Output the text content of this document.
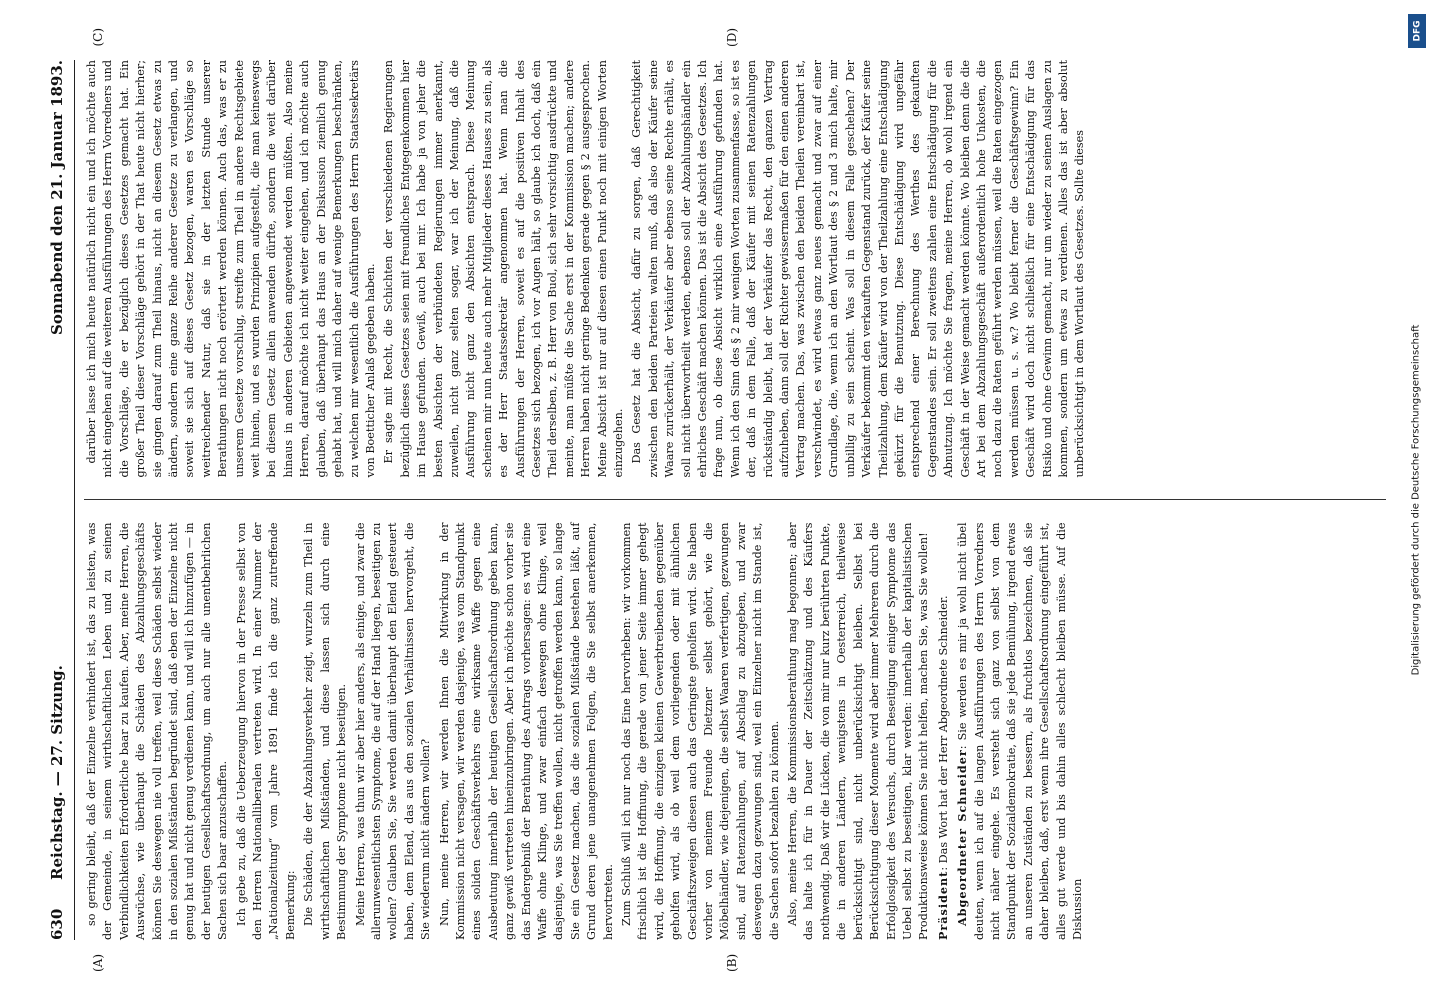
630
Reichstag. — 27. Sitzung.
Sonnabend den 21. Januar 1893.
(A)	(B)

so gering bleibt, daß der Einzelne verhindert ist, das zu leisten, was der Gemeinde, in seinem wirthschaftlichen Leben und zu seinen Verbindlichkeiten Erforderliche baar zu kaufen. Aber, meine Herren, die Auswüchse, wie überhaupt die Schäden des Abzahlungsgeschäfts können Sie deswegen nie voll treffen, weil diese Schäden selbst wieder in den sozialen Mißständen begründet sind, daß eben der Einzelne nicht genug hat und nicht genug verdienen kann, und will ich hinzufügen — in der heutigen Gesellschaftsordnung, um auch nur alle unentbehrlichen Sachen sich baar anzuschaffen. Ich gebe zu, daß die Ueberzeugung hiervon in der Presse selbst von den Herren Nationalliberalen vertreten wird. In einer Nummer der „Nationalzeitung“ vom Jahre 1891 finde ich die ganz zutreffende Bemerkung: Die Schäden, die der Abzahlungsverkehr zeigt, wurzeln zum Theil in wirthschaftlichen Mißständen, und diese lassen sich durch eine Bestimmung der Symptome nicht beseitigen. Meine Herren, was thun wir aber hier anders, als einige, und zwar die allerunwesentlichsten Symptome, die auf der Hand liegen, beseitigen zu wollen? Glauben Sie, Sie werden damit überhaupt den Elend gesteuert haben, dem Elend, das aus den sozialen Verhältnissen hervorgeht, die Sie wiederum nicht ändern wollen? Nun, meine Herren, wir werden Ihnen die Mitwirkung in der Kommission nicht versagen, wir werden dasjenige, was vom Standpunkt eines soliden Geschäftsverkehrs eine wirksame Waffe gegen eine Ausbeutung innerhalb der heutigen Gesellschaftsordnung geben kann, ganz gewiß vertreten hineinzubringen. Aber ich möchte schon vorher sie das Endergebniß der Berathung des Antrags vorhersagen: es wird eine Waffe ohne Klinge, und zwar einfach deswegen ohne Klinge, weil dasjenige, was Sie treffen wollen, nicht getroffen werden kann, so lange Sie ein Gesetz machen, das die sozialen Mißstände bestehen läßt, auf Grund deren jene unangenehmen Folgen, die Sie selbst anerkennen, hervortreten. Zum Schluß will ich nur noch das Eine hervorheben: wir vorkommen frischlich ist die Hoffnung, die gerade von jener Seite immer gehegt wird, die Hoffnung, die einzigen kleinen Gewerbtreibenden gegenüber geholfen wird, als ob weil dem vorliegenden oder mit ähnlichen Geschäftszweigen diesen auch das Geringste geholfen wird. Sie haben vorher von meinem Freunde Dietzner selbst gehört, wie die Möbelhändler, wie diejenigen, die selbst Waaren verfertigen, gezwungen sind, auf Ratenzahlungen, auf Abschlag zu abzugeben, und zwar deswegen dazu gezwungen sind, weil ein Einzelner nicht im Stande ist, die Sachen sofort bezahlen zu können. Also, meine Herren, die Kommissionsberathung mag begonnen; aber das halte ich für in Dauer der Zeitschätzung und des Käufers nothwendig. Daß wir die Lücken, die von mir nur kurz berührten Punkte, die in anderen Ländern, wenigstens in Oesterreich, theilweise berücksichtigt sind, nicht unberücksichtigt bleiben. Selbst bei Berücksichtigung dieser Momente wird aber immer Mehreren durch die Erfolglosigkeit des Versuchs, durch Beseitigung einiger Symptome das Uebel selbst zu beseitigen, klar werden: innerhalb der kapitalistischen Produktionsweise können Sie nicht helfen, machen Sie, was Sie wollen! Präsident: Das Wort hat der Herr Abgeordnete Schneider. Abgeordneter Schneider: Sie werden es mir ja wohl nicht übel deuten, wenn ich auf die langen Ausführungen des Herrn Vorredners nicht näher eingehe. Es versteht sich ganz von selbst von dem Standpunkt der Sozialdemokratie, daß sie jede Bemühung, irgend etwas an unseren Zuständen zu bessern, als fruchtlos bezeichnen, daß sie daher bleiben, daß, erst wenn ihre Gesellschaftsordnung eingeführt ist, alles gut werde und bis dahin alles schlecht bleiben müsse. Auf die Diskussion

(C)	(D)

darüber lasse ich mich heute natürlich nicht ein und ich möchte auch nicht eingehen auf die weiteren Ausführungen des Herrn Vorredners und die Vorschläge, die er bezüglich dieses Gesetzes gemacht hat. Ein großer Theil dieser Vorschläge gehört in der That heute nicht hierher; sie gingen darauf zum Theil hinaus, nicht an diesem Gesetz etwas zu ändern, sondern eine ganze Reihe anderer Gesetze zu verlangen, und soweit sie sich auf dieses Gesetz bezogen, waren es Vorschläge so weitreichender Natur, daß sie in der letzten Stunde unserer Berathungen nicht noch erörtert werden können. Auch das, was er zu unserem Gesetze vorschlug, streifte zum Theil in andere Rechtsgebiete weit hinein, und es wurden Prinzipien aufgestellt, die man keineswegs bei diesem Gesetz allein anwenden dürfte, sondern die weit darüber hinaus in anderen Gebieten angewendet werden müßten. Also meine Herren, darauf möchte ich nicht weiter eingehen, und ich möchte auch glauben, daß überhaupt das Haus an der Diskussion ziemlich genug gehabt hat, und will mich daher auf wenige Bemerkungen beschränken, zu welchen mir wesentlich die Ausführungen des Herrn Staatssekretärs von Boetticher Anlaß gegeben haben. Er sagte mit Recht, die Schichten der verschiedenen Regierungen bezüglich dieses Gesetzes seien mit freundliches Entgegenkommen hier im Hause gefunden. Gewiß, auch bei mir. Ich habe ja von jeher die besten Absichten der verbündeten Regierungen immer anerkannt, zuweilen, nicht ganz selten sogar, war ich der Meinung, daß die Ausführung nicht ganz den Absichten entsprach. Diese Meinung scheinen mir nun heute auch mehr Mitglieder dieses Hauses zu sein, als es der Herr Staatssekretär angenommen hat. Wenn man die Ausführungen der Herren, soweit es auf die positiven Inhalt des Gesetzes sich bezogen, ich vor Augen hält, so glaube ich doch, daß ein Theil derselben, z. B. Herr von Buol, sich sehr vorsichtig ausdrückte und meinte, man müßte die Sache erst in der Kommission machen; andere Herren haben nicht geringe Bedenken gerade gegen § 2 ausgesprochen. Meine Absicht ist nur auf diesen einen Punkt noch mit einigen Worten einzugehen. Das Gesetz hat die Absicht, dafür zu sorgen, daß Gerechtigkeit zwischen den beiden Parteien walten muß, daß also der Käufer seine Waare zurückerhält, der Verkäufer aber ebenso seine Rechte erhält, es soll nicht überwortheilt werden, ebenso soll der Abzahlungshändler ein ehrliches Geschäft machen können. Das ist die Absicht des Gesetzes. Ich frage nun, ob diese Absicht wirklich eine Ausführung gefunden hat. Wenn ich den Sinn des § 2 mir wenigen Worten zusammenfasse, so ist es der, daß in dem Falle, daß der Käufer mit seinen Ratenzahlungen rückständig bleibt, hat der Verkäufer das Recht, den ganzen Vertrag aufzuheben, dann soll der Richter gewissermaßen für den einen anderen Vertrag machen. Das, was zwischen den beiden Theilen vereinbart ist, verschwindet, es wird etwas ganz neues gemacht und zwar auf einer Grundlage, die, wenn ich an den Wortlaut des § 2 und 3 mich halte, mir unbillig zu sein scheint. Was soll in diesem Falle geschehen? Der Verkäufer bekommt den verkauften Gegenstand zurück, der Käufer seine Theilzahlung, dem Käufer wird von der Theilzahlung eine Entschädigung gekürzt für die Benutzung. Diese Entschädigung wird ungefähr entsprechend einer Berechnung des Werthes des gekauften Gegenstandes sein. Er soll zweitens zahlen eine Entschädigung für die Abnutzung. Ich möchte Sie fragen, meine Herren, ob wohl irgend ein Geschäft in der Weise gemacht werden könnte. Wo bleiben denn die die Art bei dem Abzahlungsgeschäft außerordentlich hohe Unkosten, die noch dazu die Raten geführt werden müssen, weil die Raten eingezogen werden müssen u. s. w.? Wo bleibt ferner die Geschäftsgewinn? Ein Geschäft wird doch nicht schließlich für eine Entschädigung für das Risiko und ohne Gewinn gemacht, nur um wieder zu seinen Auslagen zu kommen, sondern um etwas zu verdienen. Alles das ist aber absolut unberücksichtigt in dem Wortlaut des Gesetzes. Sollte dieses

DFG
Digitalisierung gefördert durch die Deutsche Forschungsgemeinschaft
